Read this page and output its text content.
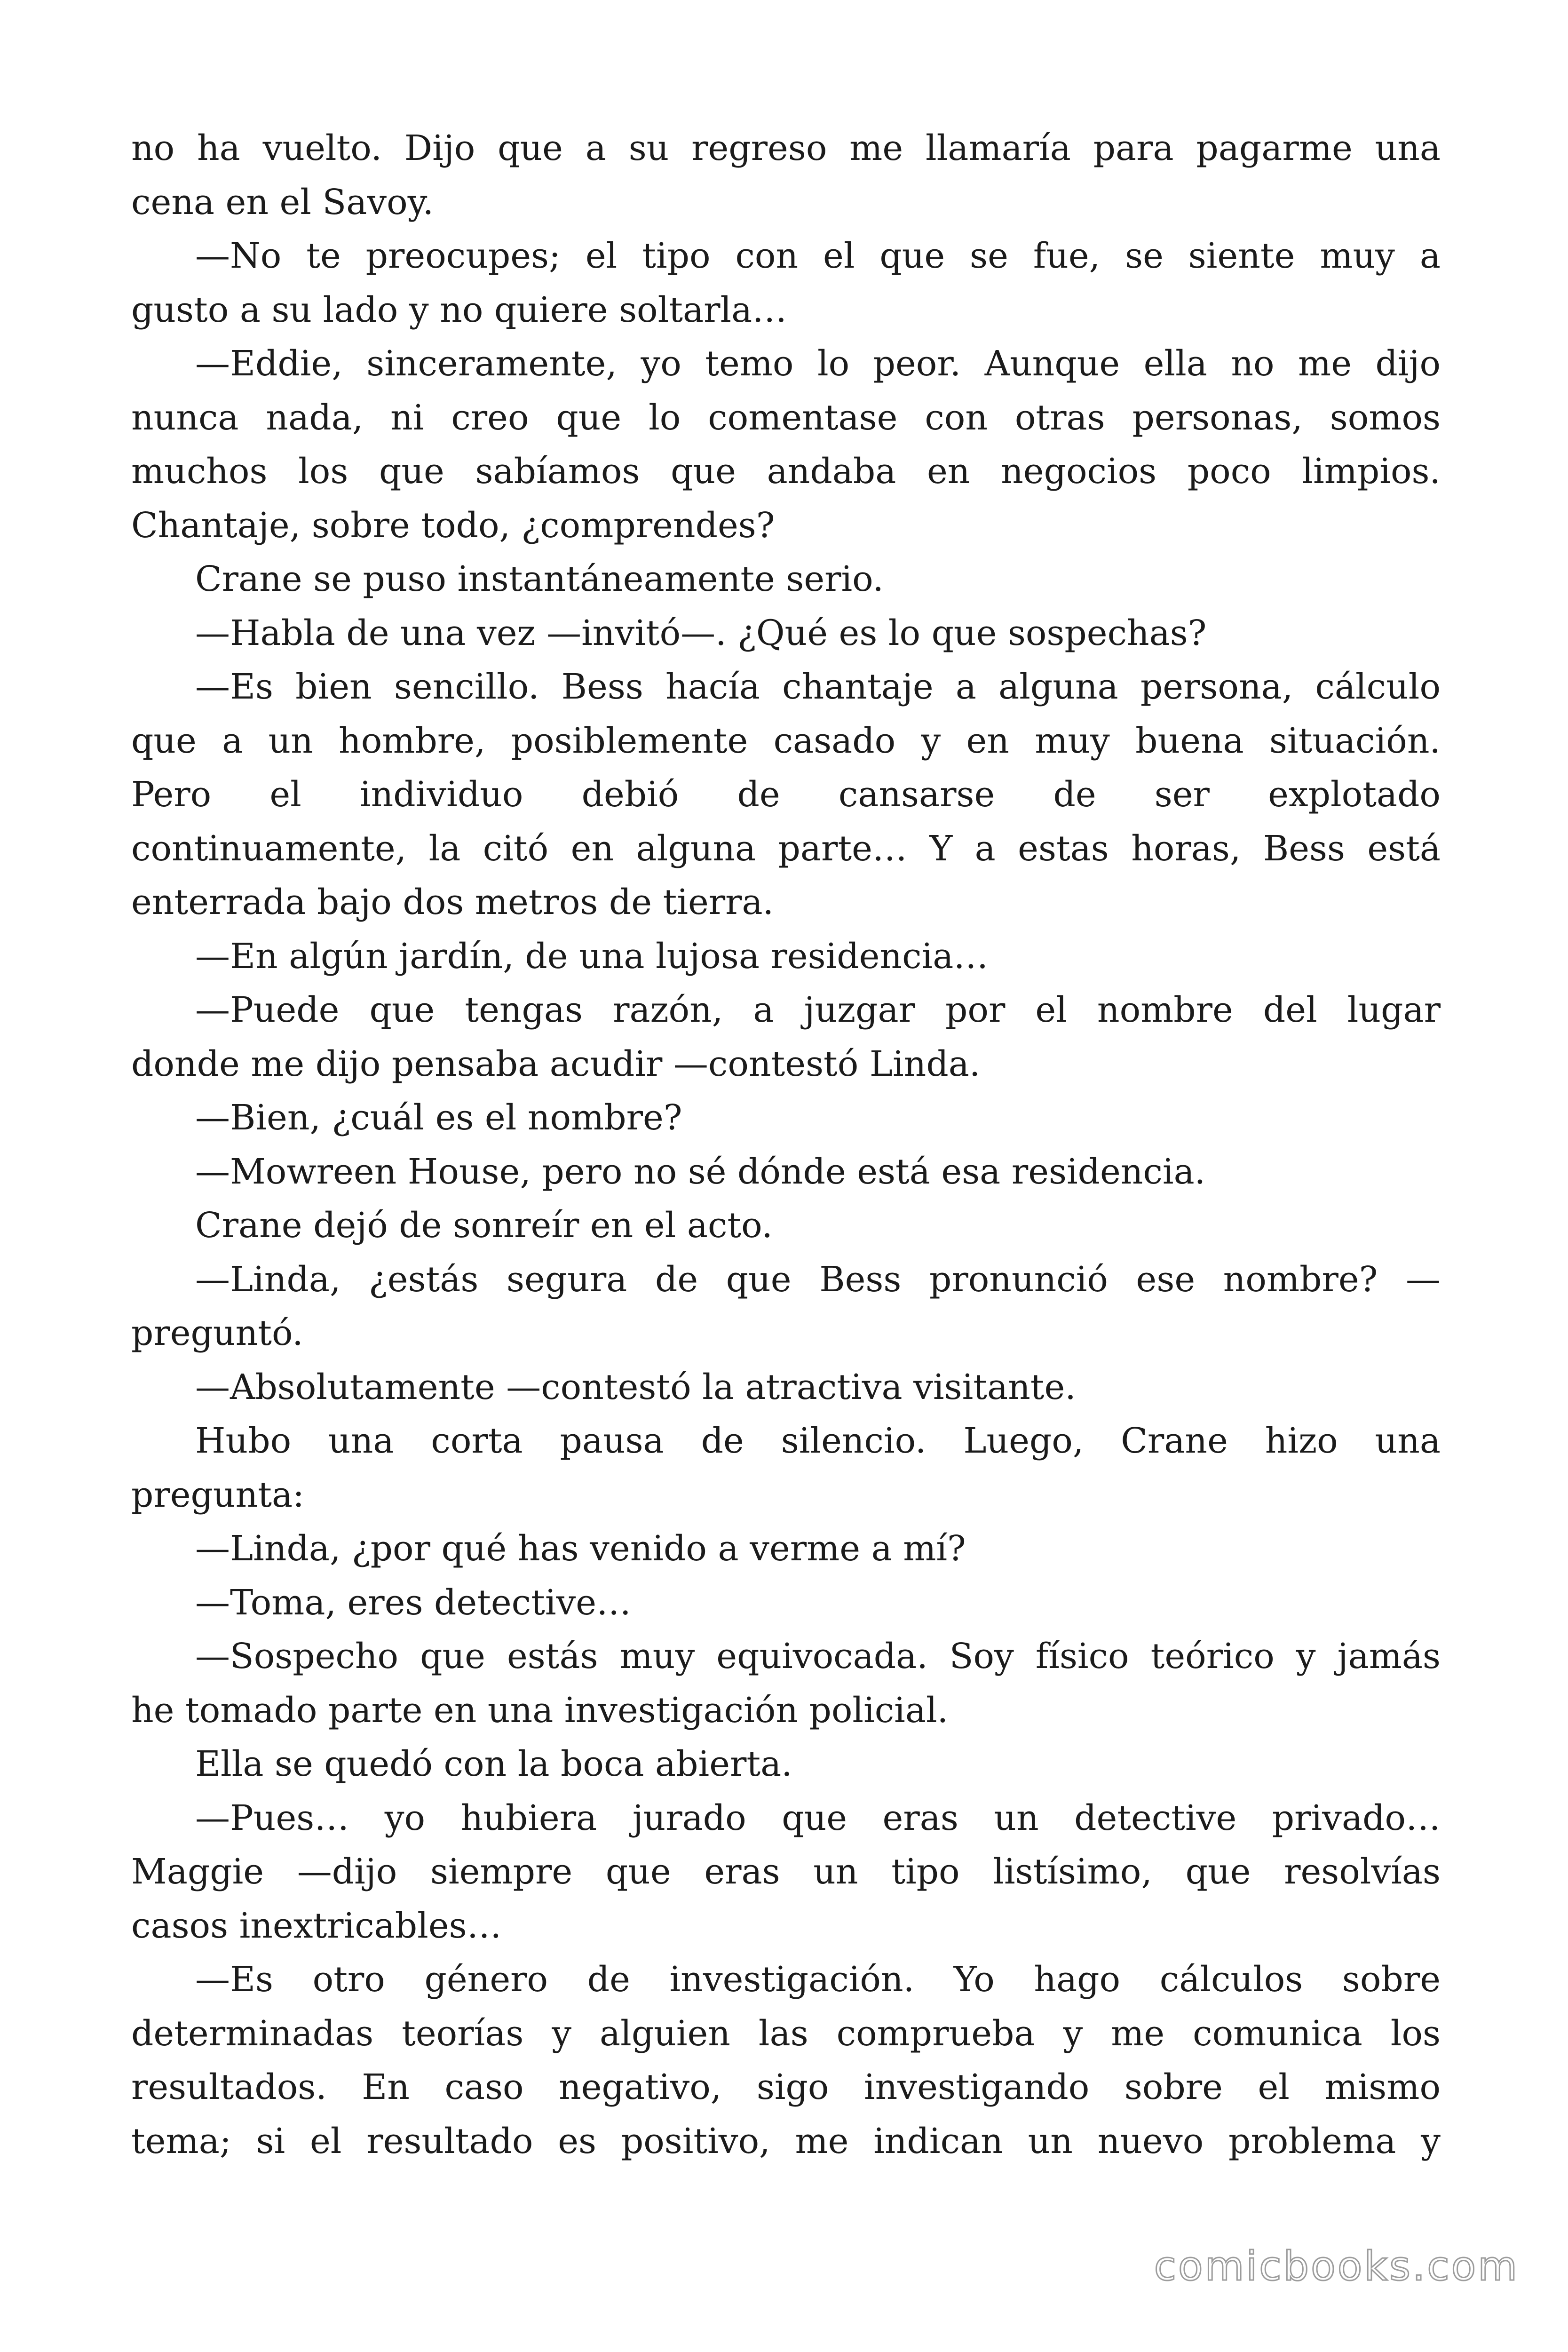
no ha vuelto. Dijo que a su regreso me llamaría para pagarme una
cena en el Savoy.
—No te preocupes; el tipo con el que se fue, se siente muy a
gusto a su lado y no quiere soltarla…
—Eddie, sinceramente, yo temo lo peor. Aunque ella no me dijo
nunca nada, ni creo que lo comentase con otras personas, somos
muchos los que sabíamos que andaba en negocios poco limpios.
Chantaje, sobre todo, ¿comprendes?
Crane se puso instantáneamente serio.
—Habla de una vez —invitó—. ¿Qué es lo que sospechas?
—Es bien sencillo. Bess hacía chantaje a alguna persona, cálculo
que a un hombre, posiblemente casado y en muy buena situación.
Pero el individuo debió de cansarse de ser explotado
continuamente, la citó en alguna parte… Y a estas horas, Bess está
enterrada bajo dos metros de tierra.
—En algún jardín, de una lujosa residencia…
—Puede que tengas razón, a juzgar por el nombre del lugar
donde me dijo pensaba acudir —contestó Linda.
—Bien, ¿cuál es el nombre?
—Mowreen House, pero no sé dónde está esa residencia.
Crane dejó de sonreír en el acto.
—Linda, ¿estás segura de que Bess pronunció ese nombre? —
preguntó.
—Absolutamente —contestó la atractiva visitante.
Hubo una corta pausa de silencio. Luego, Crane hizo una
pregunta:
—Linda, ¿por qué has venido a verme a mí?
—Toma, eres detective…
—Sospecho que estás muy equivocada. Soy físico teórico y jamás
he tomado parte en una investigación policial.
Ella se quedó con la boca abierta.
—Pues… yo hubiera jurado que eras un detective privado…
Maggie —dijo siempre que eras un tipo listísimo, que resolvías
casos inextricables…
—Es otro género de investigación. Yo hago cálculos sobre
determinadas teorías y alguien las comprueba y me comunica los
resultados. En caso negativo, sigo investigando sobre el mismo
tema; si el resultado es positivo, me indican un nuevo problema y
comicbooks.com
